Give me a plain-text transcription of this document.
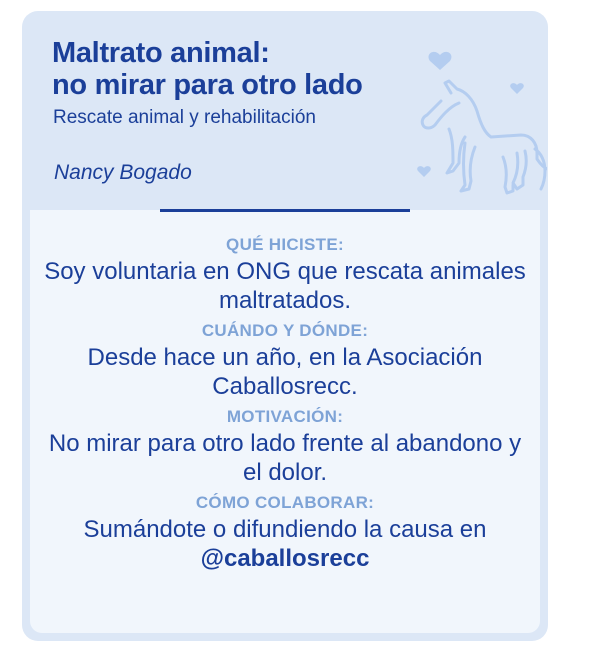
Maltrato animal:
no mirar para otro lado

Rescate animal y rehabilitación

Nancy Bogado

QUÉ HICISTE:
Soy voluntaria en ONG que rescata animales maltratados.
CUÁNDO Y DÓNDE:
Desde hace un año, en la Asociación Caballosrecc.
MOTIVACIÓN:
No mirar para otro lado frente al abandono y el dolor.
CÓMO COLABORAR:
Sumándote o difundiendo la causa en @caballosrecc
